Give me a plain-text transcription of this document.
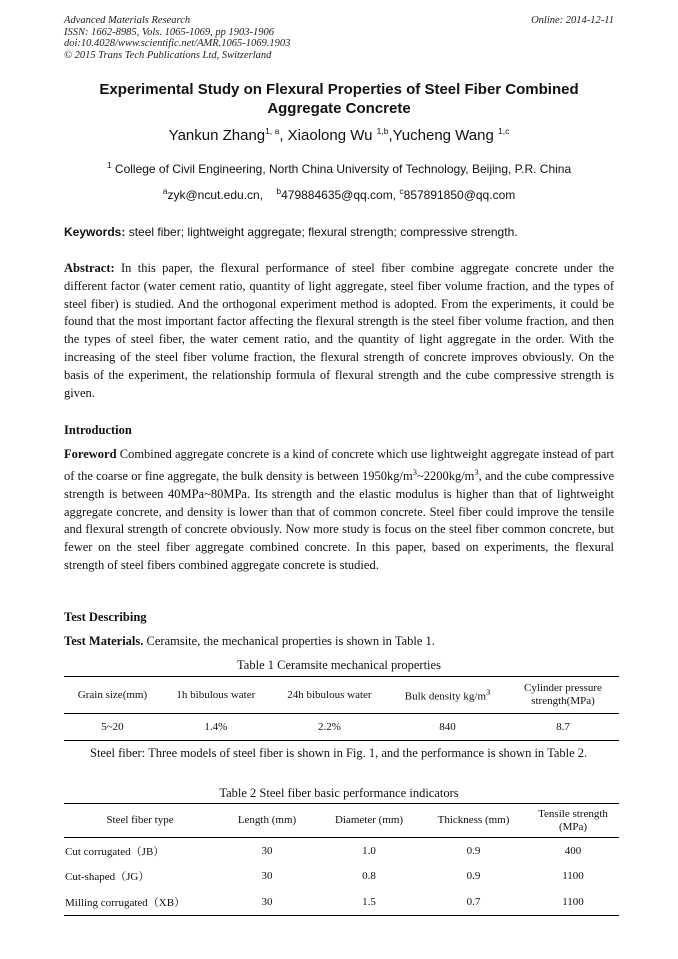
Advanced Materials Research
ISSN: 1662-8985, Vols. 1065-1069, pp 1903-1906
doi:10.4028/www.scientific.net/AMR.1065-1069.1903
© 2015 Trans Tech Publications Ltd, Switzerland
Online: 2014-12-11
Experimental Study on Flexural Properties of Steel Fiber Combined Aggregate Concrete
Yankun Zhang$^{1, a}$, Xiaolong Wu $^{1,b}$,Yucheng Wang $^{1,c}$
$^1$ College of Civil Engineering, North China University of Technology, Beijing, P.R. China
$^a$zyk@ncut.edu.cn, $^b$479884635@qq.com, $^c$857891850@qq.com
Keywords: steel fiber; lightweight aggregate; flexural strength; compressive strength.
Abstract: In this paper, the flexural performance of steel fiber combine aggregate concrete under the different factor (water cement ratio, quantity of light aggregate, steel fiber volume fraction, and the types of steel fiber) is studied. And the orthogonal experiment method is adopted. From the experiments, it could be found that the most important factor affecting the flexural strength is the steel fiber volume fraction, and then the types of steel fiber, the water cement ratio, and the quantity of light aggregate in the order. With the increasing of the steel fiber volume fraction, the flexural strength of concrete improves obviously. On the basis of the experiment, the relationship formula of flexural strength and the cube compressive strength is given.
Introduction
Foreword Combined aggregate concrete is a kind of concrete which use lightweight aggregate instead of part of the coarse or fine aggregate, the bulk density is between $1950kg/m^3\sim 2200kg/m^3$, and the cube compressive strength is between 40MPa~80MPa. Its strength and the elastic modulus is higher than that of lightweight aggregate concrete, and density is lower than that of common concrete. Steel fiber could improve the tensile and flexural strength of concrete obviously. Now more study is focus on the steel fiber common concrete, but fewer on the steel fiber aggregate combined concrete. In this paper, based on experiments, the flexural strength of steel fibers combined aggregate concrete is studied.
Test Describing
Test Materials. Ceramsite, the mechanical properties is shown in Table 1.
Table 1 Ceramsite mechanical properties
Grain size(mm)	1h bibulous water	24h bibulous water	Bulk density $kg/m^3$	Cylinder pressure strength(MPa)
5~20	1.4%	2.2%	840	8.7
Steel fiber: Three models of steel fiber is shown in Fig. 1, and the performance is shown in Table 2.
Table 2 Steel fiber basic performance indicators
Steel fiber type	Length (mm)	Diameter (mm)	Thickness (mm)	Tensile strength (MPa)
Cut corrugated（JB）	30	1.0	0.9	400
Cut-shaped（JG）	30	0.8	0.9	1100
Milling corrugated（XB）	30	1.5	0.7	1100
